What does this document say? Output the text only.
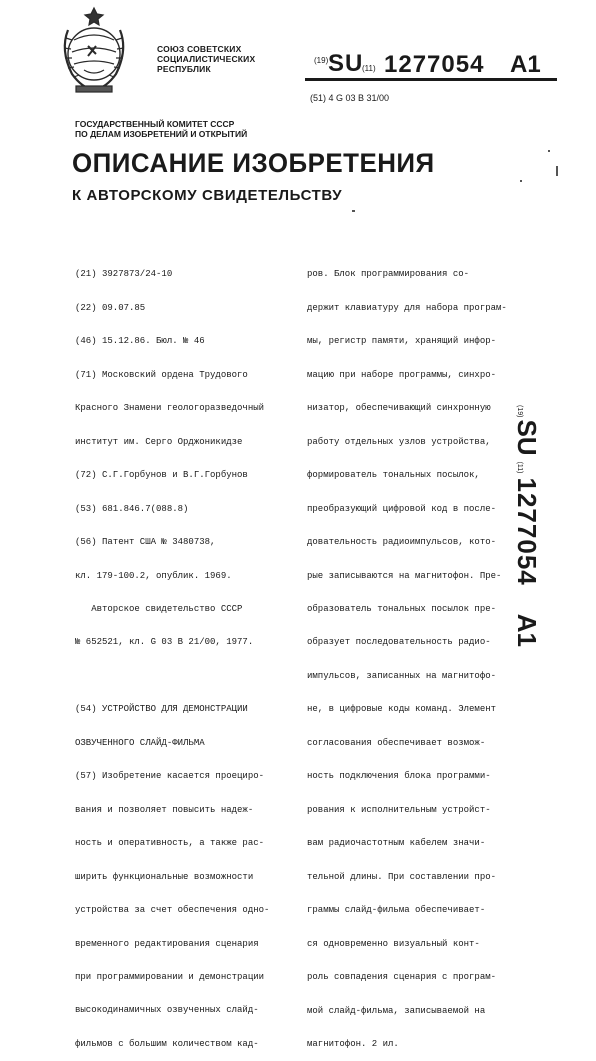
СОЮЗ СОВЕТСКИХ
СОЦИАЛИСТИЧЕСКИХ
РЕСПУБЛИК
(19) SU
(11) 1277054 A1
(51) 4 G 03 B 31/00
ГОСУДАРСТВЕННЫЙ КОМИТЕТ СССР
ПО ДЕЛАМ ИЗОБРЕТЕНИЙ И ОТКРЫТИЙ
ОПИСАНИЕ ИЗОБРЕТЕНИЯ
К АВТОРСКОМУ СВИДЕТЕЛЬСТВУ

(21) 3927873/24-10

(22) 09.07.85

(46) 15.12.86. Бюл. № 46

(71) Московский ордена Трудового

Красного Знамени геологоразведочный

институт им. Серго Орджоникидзе

(72) С.Г.Горбунов и В.Г.Горбунов

(53) 681.846.7(088.8)

(56) Патент США № 3480738,

кл. 179-100.2, опублик. 1969.

Авторское свидетельство СССР

№ 652521, кл. G 03 B 21/00, 1977.

(54) УСТРОЙСТВО ДЛЯ ДЕМОНСТРАЦИИ

ОЗВУЧЕННОГО СЛАЙД-ФИЛЬМА

(57) Изобретение касается проециро-

вания и позволяет повысить надеж-

ность и оперативность, а также рас-

ширить функциональные возможности

устройства за счет обеспечения одно-

временного редактирования сценария

при программировании и демонстрации

высокодинамичных озвученных слайд-

фильмов с большим количеством кад-

ров. Блок программирования со-

держит клавиатуру для набора програм-

мы, регистр памяти, хранящий инфор-

мацию при наборе программы, синхро-

низатор, обеспечивающий синхронную

работу отдельных узлов устройства,

формирователь тональных посылок,

преобразующий цифровой код в после-

довательность радиоимпульсов, кото-

рые записываются на магнитофон. Пре-

образователь тональных посылок пре-

образует последовательность радио-

импульсов, записанных на магнитофо-

не, в цифровые коды команд. Элемент

согласования обеспечивает возмож-

ность подключения блока программи-

рования к исполнительным устройст-

вам радиочастотным кабелем значи-

тельной длины. При составлении про-

граммы слайд-фильма обеспечивает-

ся одновременно визуальный конт-

роль совпадения сценария с програм-

мой слайд-фильма, записываемой на

магнитофон. 2 ил.

(19)
SU
(11)
1277054
A1
